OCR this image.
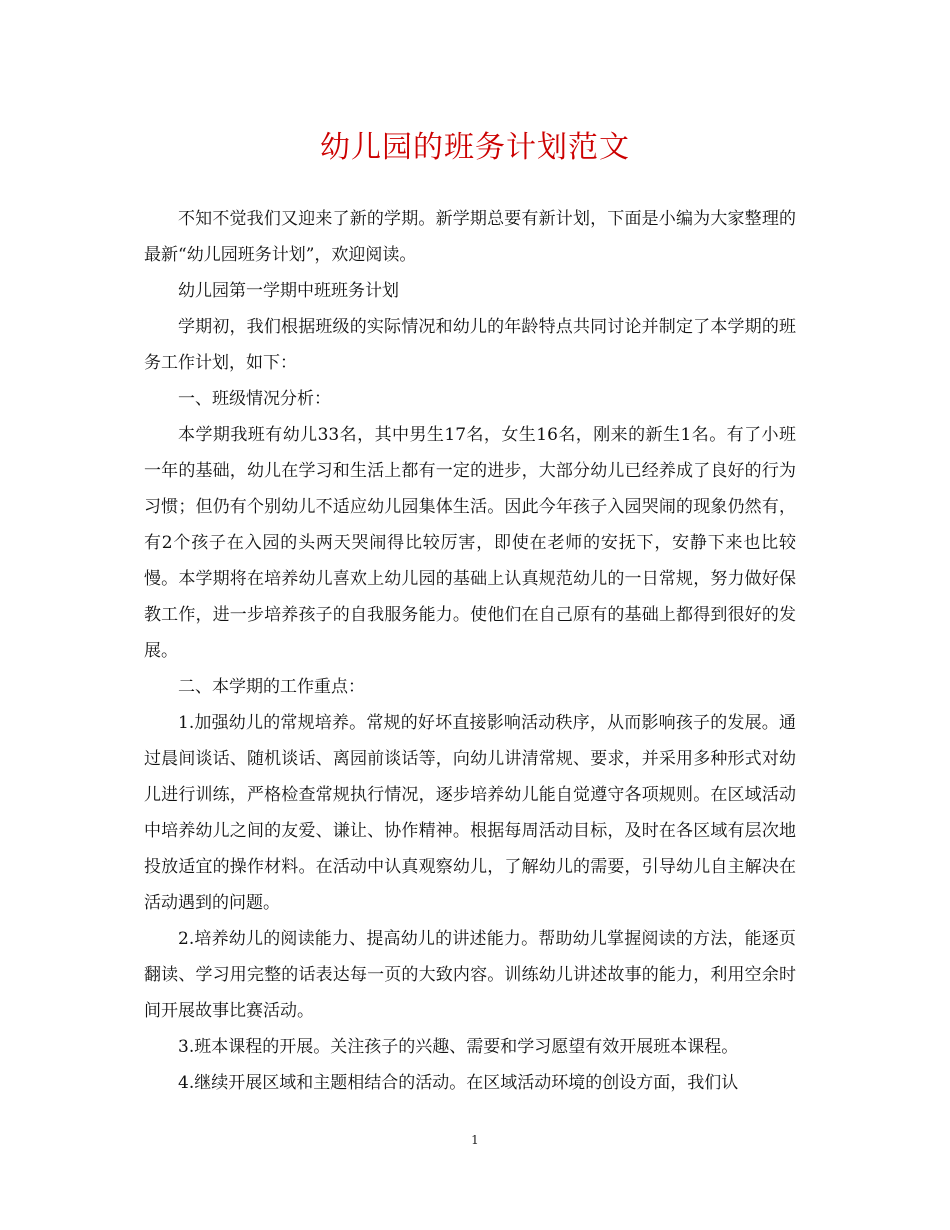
幼儿园的班务计划范文

不知不觉我们又迎来了新的学期。新学期总要有新计划，下面是小编为大家整理的最新“幼儿园班务计划”，欢迎阅读。

幼儿园第一学期中班班务计划

学期初，我们根据班级的实际情况和幼儿的年龄特点共同讨论并制定了本学期的班务工作计划，如下：

一、班级情况分析：

本学期我班有幼儿33名，其中男生17名，女生16名，刚来的新生1名。有了小班一年的基础，幼儿在学习和生活上都有一定的进步，大部分幼儿已经养成了良好的行为习惯；但仍有个别幼儿不适应幼儿园集体生活。因此今年孩子入园哭闹的现象仍然有，有2个孩子在入园的头两天哭闹得比较厉害，即使在老师的安抚下，安静下来也比较慢。本学期将在培养幼儿喜欢上幼儿园的基础上认真规范幼儿的一日常规，努力做好保教工作，进一步培养孩子的自我服务能力。使他们在自己原有的基础上都得到很好的发展。

二、本学期的工作重点：

1.加强幼儿的常规培养。常规的好坏直接影响活动秩序，从而影响孩子的发展。通过晨间谈话、随机谈话、离园前谈话等，向幼儿讲清常规、要求，并采用多种形式对幼儿进行训练，严格检查常规执行情况，逐步培养幼儿能自觉遵守各项规则。在区域活动中培养幼儿之间的友爱、谦让、协作精神。根据每周活动目标，及时在各区域有层次地投放适宜的操作材料。在活动中认真观察幼儿，了解幼儿的需要，引导幼儿自主解决在活动遇到的问题。

2.培养幼儿的阅读能力、提高幼儿的讲述能力。帮助幼儿掌握阅读的方法，能逐页翻读、学习用完整的话表达每一页的大致内容。训练幼儿讲述故事的能力，利用空余时间开展故事比赛活动。

3.班本课程的开展。关注孩子的兴趣、需要和学习愿望有效开展班本课程。

4.继续开展区域和主题相结合的活动。在区域活动环境的创设方面，我们认

1
